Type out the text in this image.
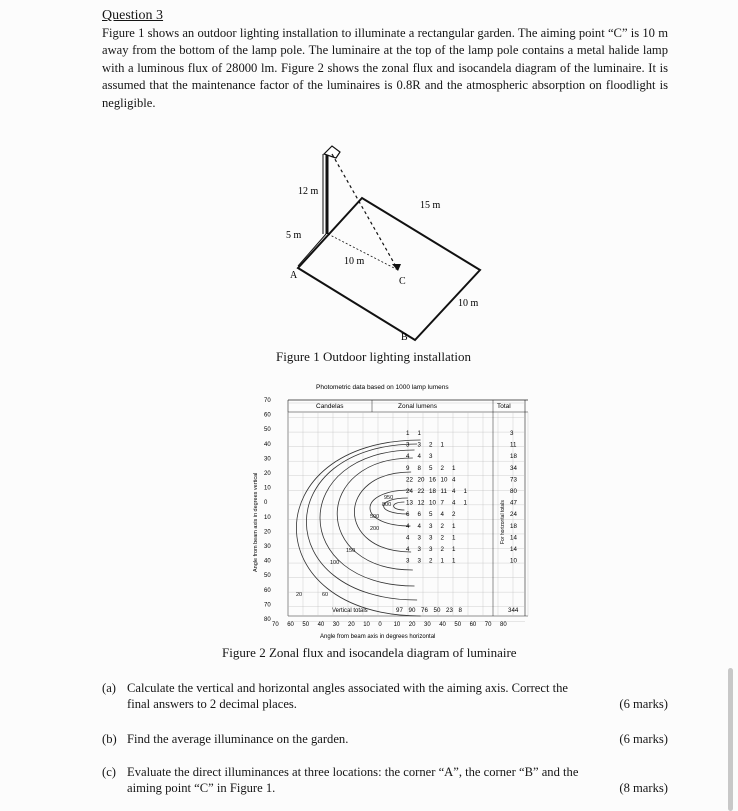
Question 3
Figure 1 shows an outdoor lighting installation to illuminate a rectangular garden. The aiming point “C” is 10 m away from the bottom of the lamp pole. The luminaire at the top of the lamp pole contains a metal halide lamp with a luminous flux of 28000 lm. Figure 2 shows the zonal flux and isocandela diagram of the luminaire. It is assumed that the maintenance factor of the luminaires is 0.8R and the atmospheric absorption on floodlight is negligible.
12 m
5 m
10 m
15 m
10 m
A
B
C
Figure 1 Outdoor lighting installation
Photometric data based on 1000 lamp lumens
Candelas	Zonal lumens	Total
Angle from beam axis in degrees vertical
Angle from beam axis in degrees horizontal
For horizontal totals
Vertical totals
70
60
50
40
30
20
10
0
10
20
30
40
50
60
70
80
70 60 50 40 30 20 10 0 10 20 30 40 50 60 70 80
20	60
100
150
200
500
800
950
1 1	3
3 3 2 1	11
4 4 3	18
9 8 5 2 1	34
22 20 16 10 4	73
24 22 18 11 4 1	80
13 12 10 7 4 1	47
6 6 5 4 2	24
4 4 3 2 1	18
4 3 3 2 1	14
4 3 3 2 1	14
3 3 2 1 1	10
97 90 76 50 23 8	344
Figure 2 Zonal flux and isocandela diagram of luminaire
(a) Calculate the vertical and horizontal angles associated with the aiming axis. Correct the final answers to 2 decimal places.	(6 marks)
(b) Find the average illuminance on the garden.	(6 marks)
(c) Evaluate the direct illuminances at three locations: the corner “A”, the corner “B” and the aiming point “C” in Figure 1.	(8 marks)
